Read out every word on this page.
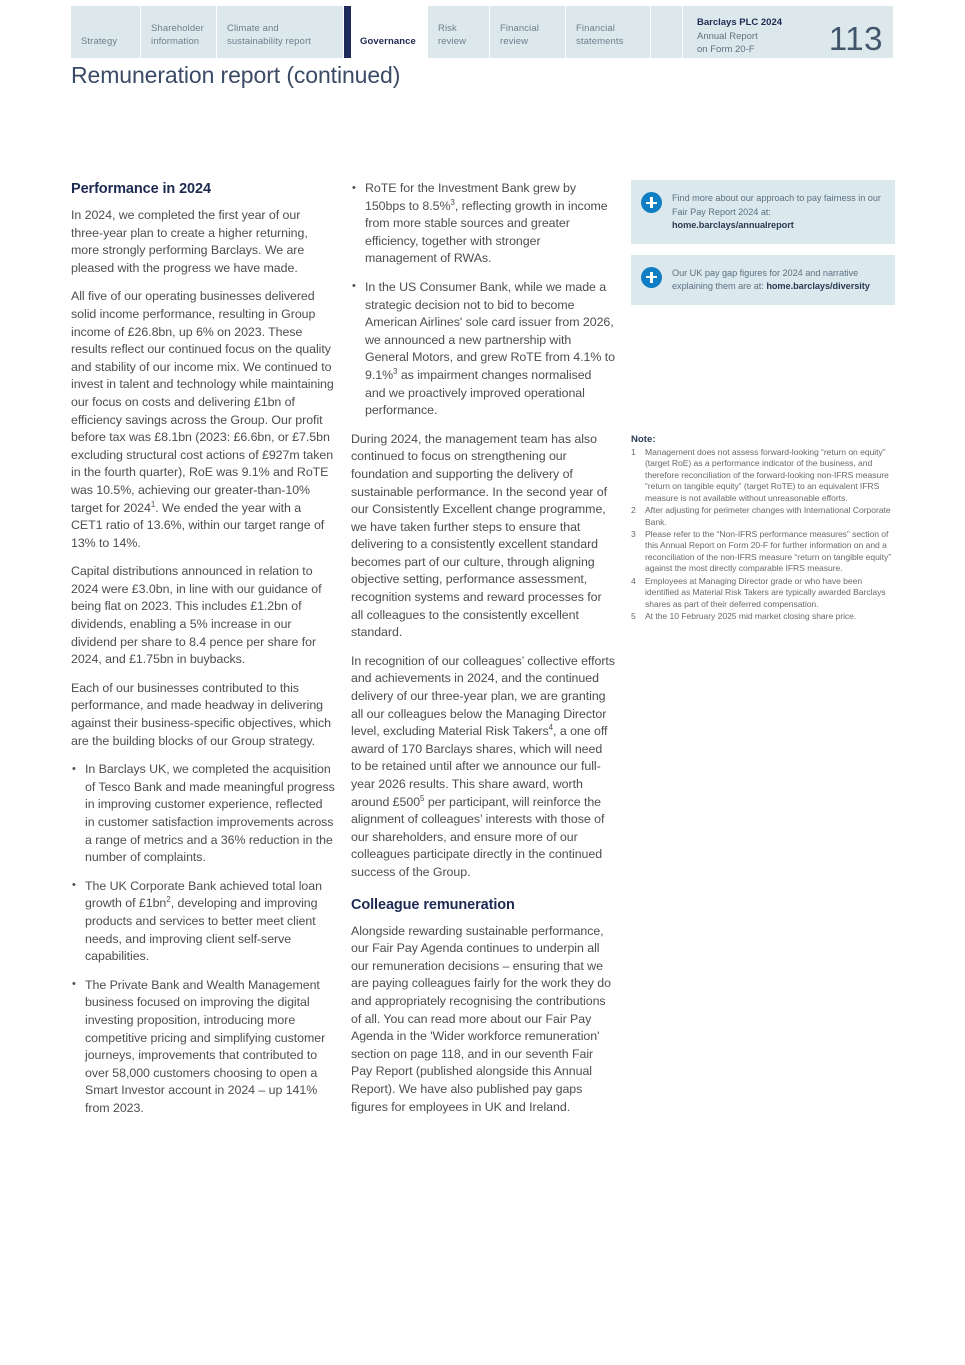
Strategy
Shareholder
information
Climate and
sustainability report	Governance
Risk
review
Financial
review
Financial
statements
Barclays PLC 2024
Annual Report
on Form 20-F	113
Remuneration report (continued)
Performance in 2024

In 2024, we completed the first year of our three-year plan to create a higher returning, more strongly performing Barclays. We are pleased with the progress we have made.

All five of our operating businesses delivered solid income performance, resulting in Group income of £26.8bn, up 6% on 2023. These results reflect our continued focus on the quality and stability of our income mix. We continued to invest in talent and technology while maintaining our focus on costs and delivering £1bn of efficiency savings across the Group. Our profit before tax was £8.1bn (2023: £6.6bn, or £7.5bn excluding structural cost actions of £927m taken in the fourth quarter), RoE was 9.1% and RoTE was 10.5%, achieving our greater-than-10% target for 2024$^1$. We ended the year with a CET1 ratio of 13.6%, within our target range of 13% to 14%.

Capital distributions announced in relation to 2024 were £3.0bn, in line with our guidance of being flat on 2023. This includes £1.2bn of dividends, enabling a 5% increase in our dividend per share to 8.4 pence per share for 2024, and £1.75bn in buybacks.

Each of our businesses contributed to this performance, and made headway in delivering against their business-specific objectives, which are the building blocks of our Group strategy.

• In Barclays UK, we completed the acquisition of Tesco Bank and made meaningful progress in improving customer experience, reflected in customer satisfaction improvements across a range of metrics and a 36% reduction in the number of complaints.
• The UK Corporate Bank achieved total loan growth of $£1bn^2$, developing and improving products and services to better meet client needs, and improving client self-serve capabilities.
• The Private Bank and Wealth Management business focused on improving the digital investing proposition, introducing more competitive pricing and simplifying customer journeys, improvements that contributed to over 58,000 customers choosing to open a Smart Investor account in 2024 – up 141% from 2023.
• RoTE for the Investment Bank grew by 150bps to 8.5%$^3$, reflecting growth in income from more stable sources and greater efficiency, together with stronger management of RWAs.
• In the US Consumer Bank, while we made a strategic decision not to bid to become American Airlines' sole card issuer from 2026, we announced a new partnership with General Motors, and grew RoTE from 4.1% to 9.1%$^3$ as impairment changes normalised and we proactively improved operational performance.

During 2024, the management team has also continued to focus on strengthening our foundation and supporting the delivery of sustainable performance. In the second year of our Consistently Excellent change programme, we have taken further steps to ensure that delivering to a consistently excellent standard becomes part of our culture, through aligning objective setting, performance assessment, recognition systems and reward processes for all colleagues to the consistently excellent standard.

In recognition of our colleagues’ collective efforts and achievements in 2024, and the continued delivery of our three-year plan, we are granting all our colleagues below the Managing Director level, excluding Material Risk Takers$^4$, a one off award of 170 Barclays shares, which will need to be retained until after we announce our full-year 2026 results. This share award, worth around $£500^5$ per participant, will reinforce the alignment of colleagues’ interests with those of our shareholders, and ensure more of our colleagues participate directly in the continued success of the Group.

Colleague remuneration

Alongside rewarding sustainable performance, our Fair Pay Agenda continues to underpin all our remuneration decisions – ensuring that we are paying colleagues fairly for the work they do and appropriately recognising the contributions of all. You can read more about our Fair Pay Agenda in the 'Wider workforce remuneration' section on page 118, and in our seventh Fair Pay Report (published alongside this Annual Report). We have also published pay gaps figures for employees in UK and Ireland.

Find more about our approach to pay fairness in our Fair Pay Report 2024 at: home.barclays/annualreport
Our UK pay gap figures for 2024 and narrative explaining them are at: home.barclays/diversity
Note:
1	Management does not assess forward-looking “return on equity” (target RoE) as a performance indicator of the business, and therefore reconciliation of the forward-looking non-IFRS measure “return on tangible equity” (target RoTE) to an equivalent IFRS measure is not available without unreasonable efforts.
2	After adjusting for perimeter changes with International Corporate Bank.
3	Please refer to the “Non-IFRS performance measures” section of this Annual Report on Form 20-F for further information on and a reconciliation of the non-IFRS measure “return on tangible equity” against the most directly comparable IFRS measure.
4	Employees at Managing Director grade or who have been identified as Material Risk Takers are typically awarded Barclays shares as part of their deferred compensation.
5	At the 10 February 2025 mid market closing share price.
